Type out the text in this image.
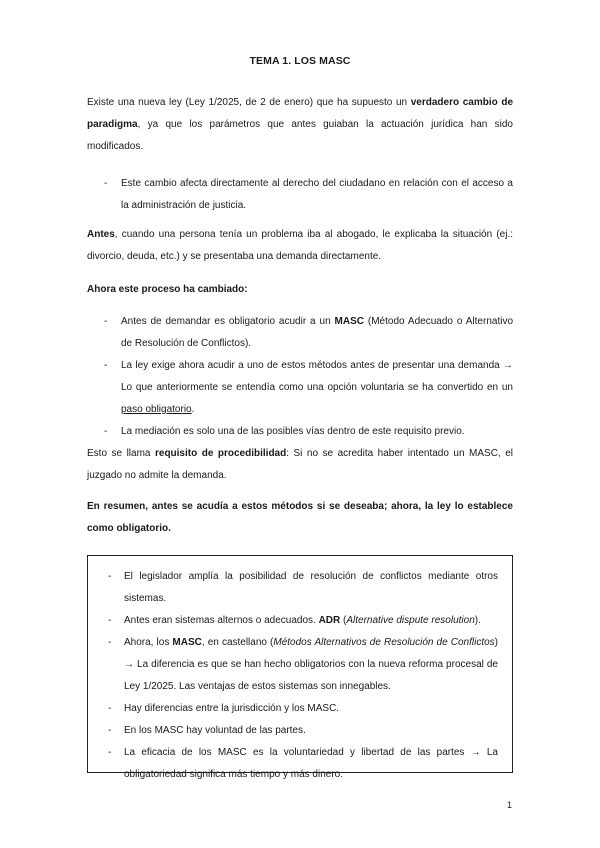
TEMA 1. LOS MASC

Existe una nueva ley (Ley 1/2025, de 2 de enero) que ha supuesto un verdadero cambio de paradigma, ya que los parámetros que antes guiaban la actuación jurídica han sido modificados.

- Este cambio afecta directamente al derecho del ciudadano en relación con el acceso a la administración de justicia.

Antes, cuando una persona tenía un problema iba al abogado, le explicaba la situación (ej.: divorcio, deuda, etc.) y se presentaba una demanda directamente.

Ahora este proceso ha cambiado:

- Antes de demandar es obligatorio acudir a un MASC (Método Adecuado o Alternativo de Resolución de Conflictos).
- La ley exige ahora acudir a uno de estos métodos antes de presentar una demanda → Lo que anteriormente se entendía como una opción voluntaria se ha convertido en un paso obligatorio.
- La mediación es solo una de las posibles vías dentro de este requisito previo.

Esto se llama requisito de procedibilidad: Si no se acredita haber intentado un MASC, el juzgado no admite la demanda.

En resumen, antes se acudía a estos métodos si se deseaba; ahora, la ley lo establece como obligatorio.

- El legislador amplía la posibilidad de resolución de conflictos mediante otros sistemas.
- Antes eran sistemas alternos o adecuados. ADR (Alternative dispute resolution).
- Ahora, los MASC, en castellano (Métodos Alternativos de Resolución de Conflictos) → La diferencia es que se han hecho obligatorios con la nueva reforma procesal de Ley 1/2025. Las ventajas de estos sistemas son innegables.
- Hay diferencias entre la jurisdicción y los MASC.
- En los MASC hay voluntad de las partes.
- La eficacia de los MASC es la voluntariedad y libertad de las partes → La obligatoriedad significa más tiempo y más dinero.
1
